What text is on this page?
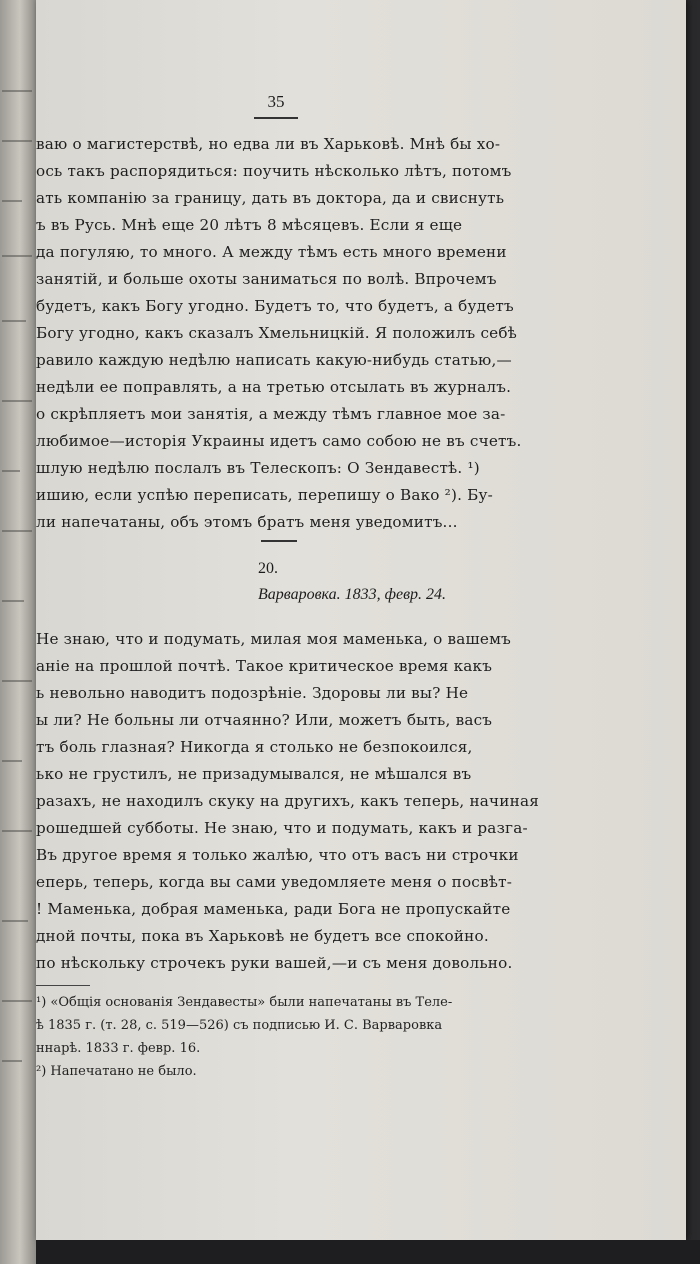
35
ваю о магистерствѣ, но едва ли въ Харьковѣ. Мнѣ бы хо-
ось такъ распорядиться: поучить нѣсколько лѣтъ, потомъ
ать компанію за границу, дать въ доктора, да и свиснуть
ъ въ Русь. Мнѣ еще 20 лѣтъ 8 мѣсяцевъ. Если я еще
да погуляю, то много. А между тѣмъ есть много времени
занятій, и больше охоты заниматься по волѣ. Впрочемъ
будетъ, какъ Богу угодно. Будетъ то, что будетъ, а будетъ
Богу угодно, какъ сказалъ Хмельницкій. Я положилъ себѣ
равило каждую недѣлю написать какую-нибудь статью,—
недѣли ее поправлять, а на третью отсылать въ журналъ.
о скрѣпляетъ мои занятія, а между тѣмъ главное мое за-
любимое—исторія Украины идетъ само собою не въ счетъ.
шлую недѣлю послалъ въ Телескопъ: О Зендавестѣ. ¹)
ишию, если успѣю переписать, перепишу о Вако ²). Бу-
ли напечатаны, объ этомъ братъ меня уведомитъ...
20.
Варваровка. 1833, февр. 24.
Не знаю, что и подумать, милая моя маменька, о вашемъ
аніе на прошлой почтѣ. Такое критическое время какъ
ь невольно наводитъ подозрѣніе. Здоровы ли вы? Не
ы ли? Не больны ли отчаянно? Или, можетъ быть, васъ
тъ боль глазная? Никогда я столько не безпокоился,
ько не грустилъ, не призадумывался, не мѣшался въ
разахъ, не находилъ скуку на другихъ, какъ теперь, начиная
рошедшей субботы. Не знаю, что и подумать, какъ и разга-
Въ другое время я только жалѣю, что отъ васъ ни строчки
еперь, теперь, когда вы сами уведомляете меня о посвѣт-
! Маменька, добрая маменька, ради Бога не пропускайте
дной почты, пока въ Харьковѣ не будетъ все спокойно.
по нѣскольку строчекъ руки вашей,—и съ меня довольно.
¹) «Общія основанія Зендавесты» были напечатаны въ Теле-
ѣ 1835 г. (т. 28, с. 519—526) съ подписью И. С. Варваровка
ннарѣ. 1833 г. февр. 16.
²) Напечатано не было.
